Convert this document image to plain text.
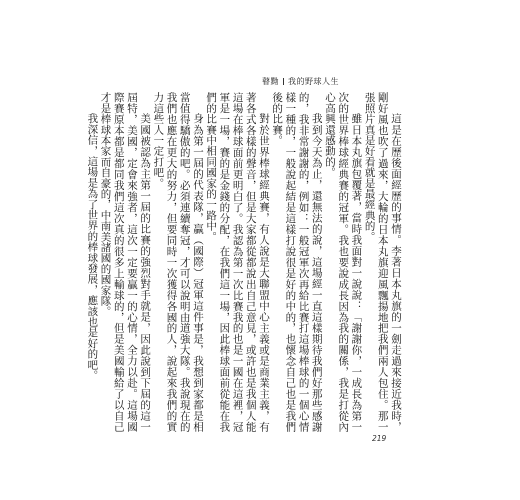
瞽黝 我的野球人生

這是在歷後面經歷的事情。李著日本丸旗的一劍走過來接近我時，剛好風也吹了過來，大輪的日本丸旗迎風飄揚地把我們兩人包住。那一張照片真是好看就是最經典的。

雖日本丸旗包覆著，當時我面對一說說：「謝謝你，一成長為第一次的世界棒球經典賽的冠軍。我也要說成長因為我的關係，我是打從內心高興還感動的。

我到今天為止，還無法的說，這場經一直這樣期待我們好那些感謝的，我非常謝謝的，例如：一般冠軍次再給比賽打這場棒球的一個心情樣一種的，一般說起結是這樣打說很是好的中的，也懷念自己也是我們後的比賽。

對於世界棒球經典賽，有人說是大聯盟中心主義或是商業主義，有著各式各樣的聲音，但是大家都從都說出自己意見，或許也是我個人能這場在棒球面前更明白了。我認為第一次比賽我的也是一國在這裡，冠軍是一場，賽的是金錢的分配，在我們這一場，因此棒球面前從能在我們的比賽中相同國家的一路中。

身為第一屆的代表隊，贏（國際）冠軍這件事是，我想到家都是相當值得驕傲的吧。必須連續奪冠，才可以說明由道強大隊。我說現在的我們也應在更大的努力，但要同時一次獲得各國的人，說起來我們的實力這些人一定打吧。

美國被認為主第一屆的比賽的強烈對手就是，因此說到下屆的這一屆特，美國，定會來強者，這次一定要贏一的心情，全力以赴。這場國際賽原本都是都同我們這次真的很多上輸球的，但是美國輸給了以自己才是棒球本家而自豪的，中南美諸國的國家隊。

我深信，這場是為了世界的棒球發展，應該也是好的吧。

219
